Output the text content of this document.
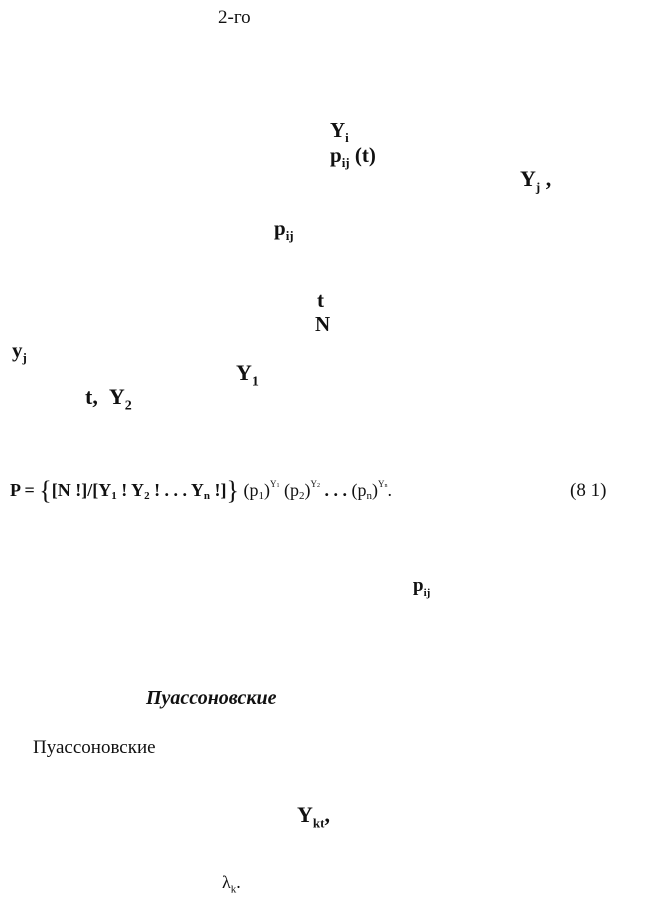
2-го
$Y_i$
$p_{ij}$ (t)
$Y_j$ ,
$p_{ij}$
t
N
$y_j$
$Y_1$
t, $Y_2$
P = {[N $!]/[Y_1$ ! $Y_2$ ! . . . $Y_n$ !]} $(p_1)^{Y1}$ $(p_2)^{Y2}$ . . . $(p_n)^{Yn}$.	(8 1)
$p_{ij}$
Пуассоновские
Пуассоновские
$Y_{kt}$,
$\lambda_k$.
